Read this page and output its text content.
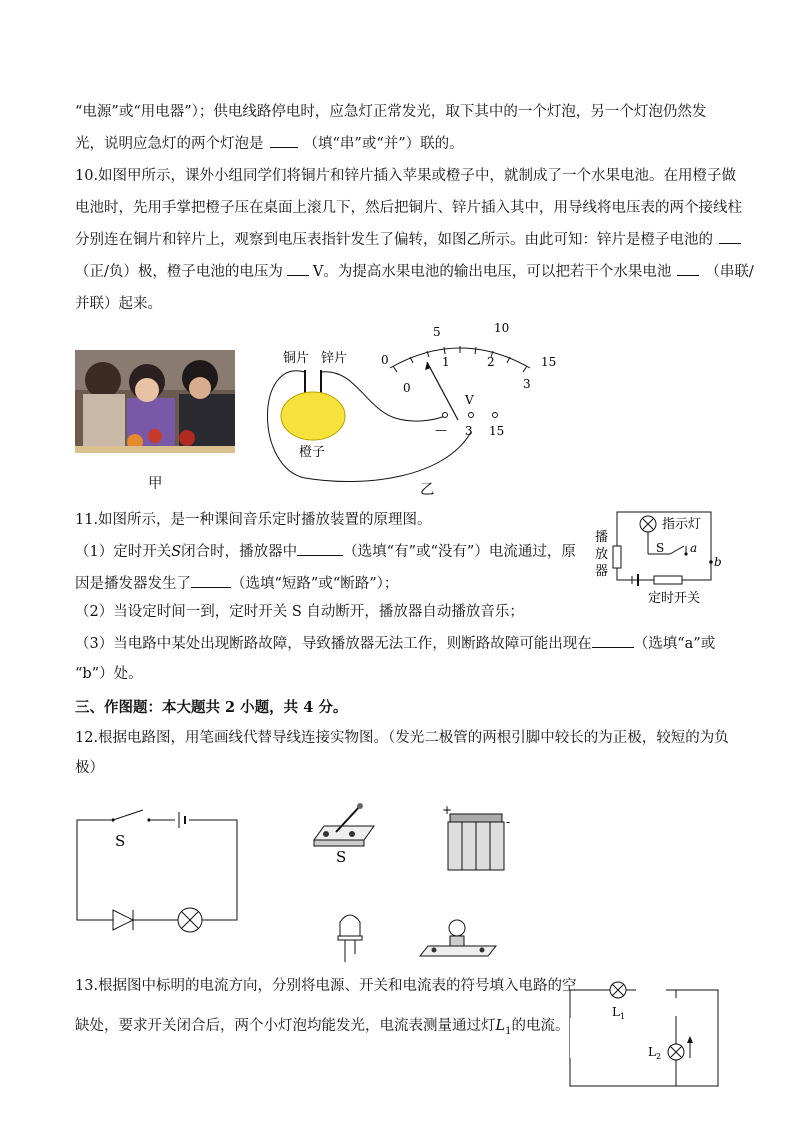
“电源”或“用电器”）；供电线路停电时，应急灯正常发光，取下其中的一个灯泡，另一个灯泡仍然发
光，说明应急灯的两个灯泡是	（填“串”或“并”）联的。
10.如图甲所示，课外小组同学们将铜片和锌片插入苹果或橙子中，就制成了一个水果电池。在用橙子做
电池时，先用手掌把橙子压在桌面上滚几下，然后把铜片、锌片插入其中，用导线将电压表的两个接线柱
分别连在铜片和锌片上，观察到电压表指针发生了偏转，如图乙所示。由此可知：锌片是橙子电池的
（正/负）极，橙子电池的电压为 V。为提高水果电池的输出电压，可以把若干个水果电池 （串联/
并联）起来。
甲
铜片 锌片
橙子
0
5	10
15
0
1	2
3
V
— 3 15
乙
11.如图所示，是一种课间音乐定时播放装置的原理图。
（1）定时开关S闭合时，播放器中	（选填“有”或“没有”）电流通过，原
因是播发器发生了	（选填“短路”或“断路”）；
（2）当设定时间一到，定时开关 S 自动断开，播放器自动播放音乐；
（3）当电路中某处出现断路故障，导致播放器无法工作，则断路故障可能出现在	（选填“a”或
“b”）处。
指示灯
播
放
器
S a
b
定时开关
三、作图题：本大题共 2 小题，共 4 分。
12.根据电路图，用笔画线代替导线连接实物图。（发光二极管的两根引脚中较长的为正极，较短的为负
极）
S
S
+
-
13.根据图中标明的电流方向，分别将电源、开关和电流表的符号填入电路的空
缺处，要求开关闭合后，两个小灯泡均能发光，电流表测量通过灯$L_1$的电流。
$L_1$
$L_2$
